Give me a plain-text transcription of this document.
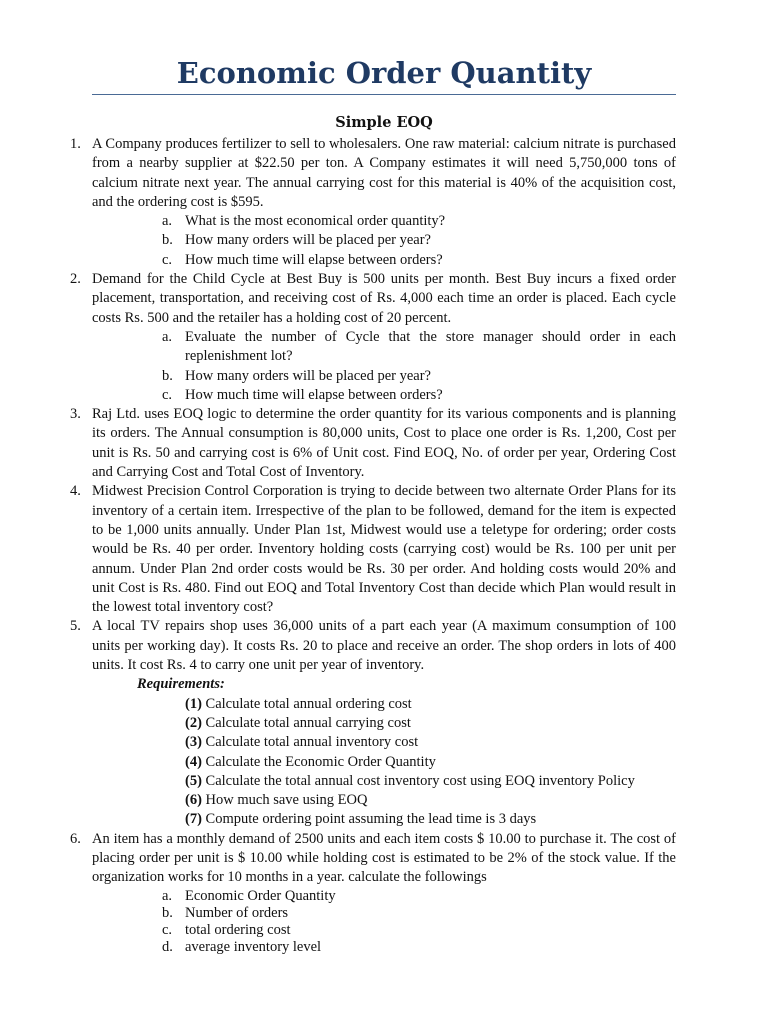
Economic Order Quantity
Simple EOQ

1. A Company produces fertilizer to sell to wholesalers. One raw material: calcium nitrate is purchased from a nearby supplier at $22.50 per ton. A Company estimates it will need 5,750,000 tons of calcium nitrate next year. The annual carrying cost for this material is 40% of the acquisition cost, and the ordering cost is $595.

a. What is the most economical order quantity?
b. How many orders will be placed per year?
c. How much time will elapse between orders?

2. Demand for the Child Cycle at Best Buy is 500 units per month. Best Buy incurs a fixed order placement, transportation, and receiving cost of Rs. 4,000 each time an order is placed. Each cycle costs Rs. 500 and the retailer has a holding cost of 20 percent.

a. Evaluate the number of Cycle that the store manager should order in each replenishment lot?
b. How many orders will be placed per year?
c. How much time will elapse between orders?

3. Raj Ltd. uses EOQ logic to determine the order quantity for its various components and is planning its orders. The Annual consumption is 80,000 units, Cost to place one order is Rs. 1,200, Cost per unit is Rs. 50 and carrying cost is 6% of Unit cost. Find EOQ, No. of order per year, Ordering Cost and Carrying Cost and Total Cost of Inventory.

4. Midwest Precision Control Corporation is trying to decide between two alternate Order Plans for its inventory of a certain item. Irrespective of the plan to be followed, demand for the item is expected to be 1,000 units annually. Under Plan 1st, Midwest would use a teletype for ordering; order costs would be Rs. 40 per order. Inventory holding costs (carrying cost) would be Rs. 100 per unit per annum. Under Plan 2nd order costs would be Rs. 30 per order. And holding costs would 20% and unit Cost is Rs. 480. Find out EOQ and Total Inventory Cost than decide which Plan would result in the lowest total inventory cost?

5. A local TV repairs shop uses 36,000 units of a part each year (A maximum consumption of 100 units per working day). It costs Rs. 20 to place and receive an order. The shop orders in lots of 400 units. It cost Rs. 4 to carry one unit per year of inventory.

Requirements:
(1) Calculate total annual ordering cost
(2) Calculate total annual carrying cost
(3) Calculate total annual inventory cost
(4) Calculate the Economic Order Quantity
(5) Calculate the total annual cost inventory cost using EOQ inventory Policy
(6) How much save using EOQ
(7) Compute ordering point assuming the lead time is 3 days

6. An item has a monthly demand of 2500 units and each item costs $ 10.00 to purchase it. The cost of placing order per unit is $ 10.00 while holding cost is estimated to be 2% of the stock value. If the organization works for 10 months in a year. calculate the followings

a. Economic Order Quantity
b. Number of orders
c. total ordering cost
d. average inventory level
